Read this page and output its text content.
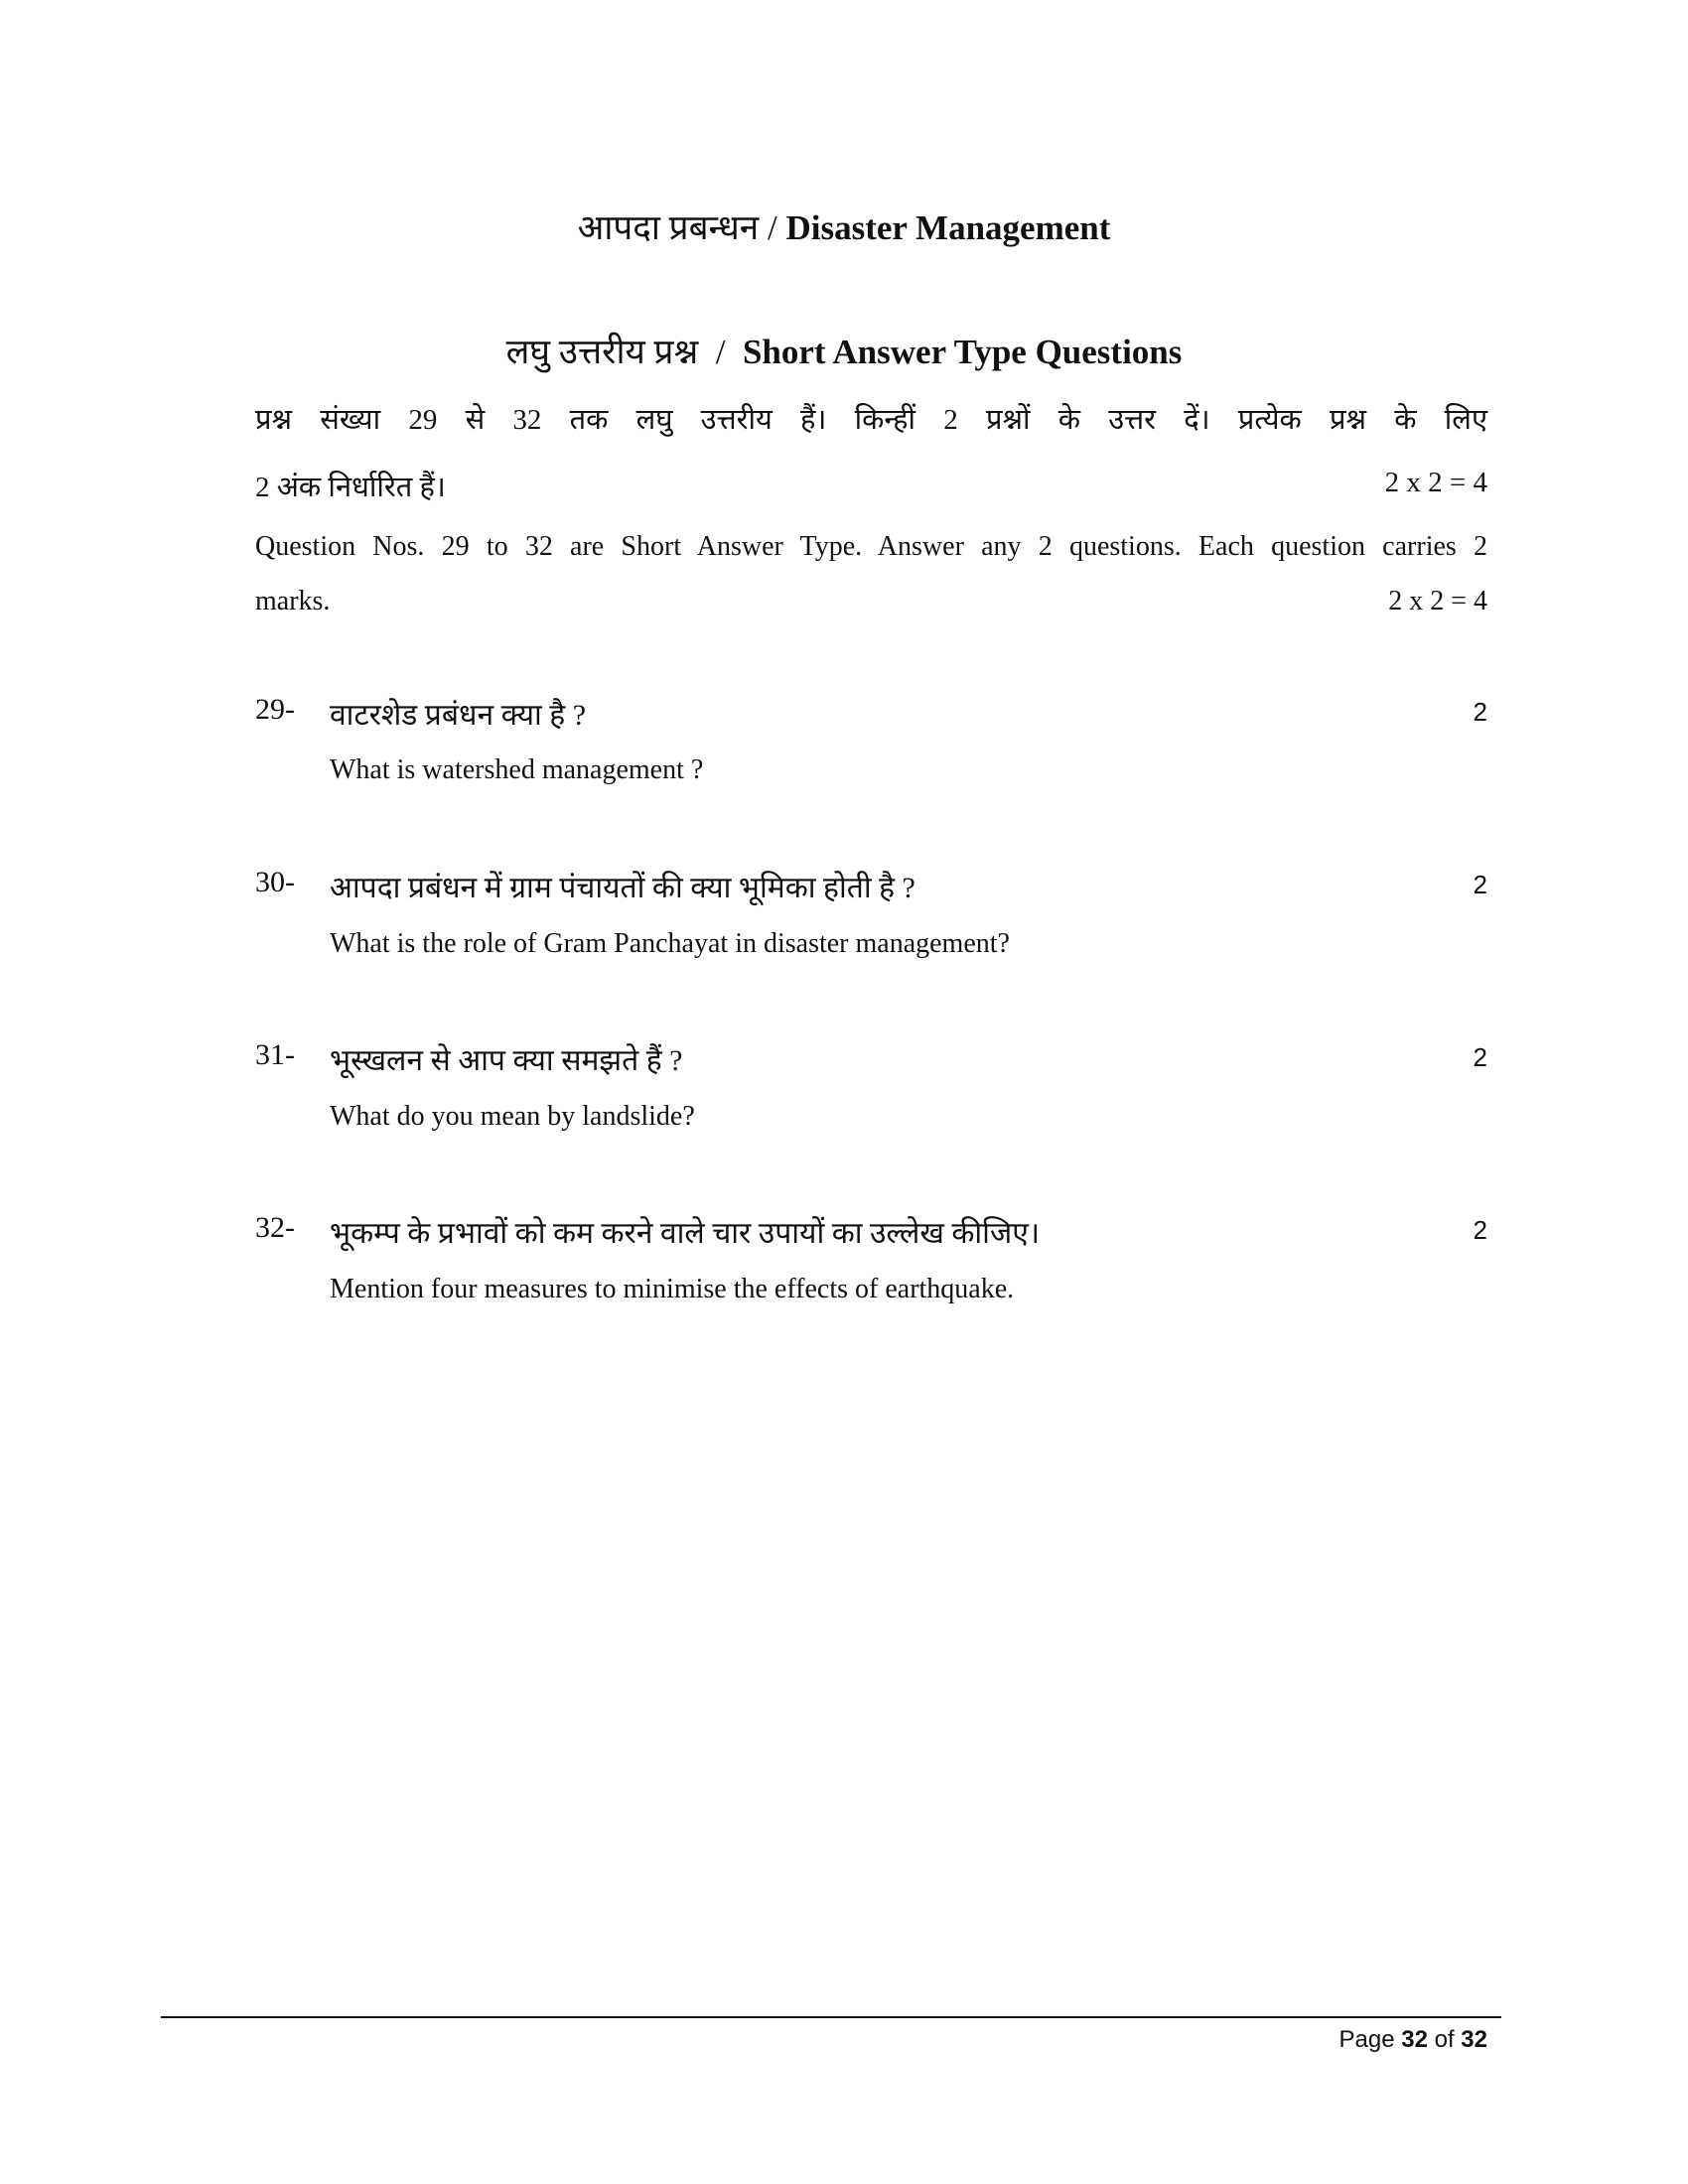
आपदा प्रबन्धन / Disaster Management
लघु उत्तरीय प्रश्न / Short Answer Type Questions
प्रश्न संख्या 29 से 32 तक लघु उत्तरीय हैं। किन्हीं 2 प्रश्नों के उत्तर दें। प्रत्येक प्रश्न के लिए
2 अंक निर्धारित हैं।	2 x 2 = 4
Question Nos. 29 to 32 are Short Answer Type. Answer any 2 questions. Each question carries 2
marks.	2 x 2 = 4
29- वाटरशेड प्रबंधन क्या है ?	2
What is watershed management ?
30- आपदा प्रबंधन में ग्राम पंचायतों की क्या भूमिका होती है ?	2
What is the role of Gram Panchayat in disaster management?
31- भूस्खलन से आप क्या समझते हैं ?	2
What do you mean by landslide?
32- भूकम्प के प्रभावों को कम करने वाले चार उपायों का उल्लेख कीजिए।	2
Mention four measures to minimise the effects of earthquake.
Page 32 of 32
